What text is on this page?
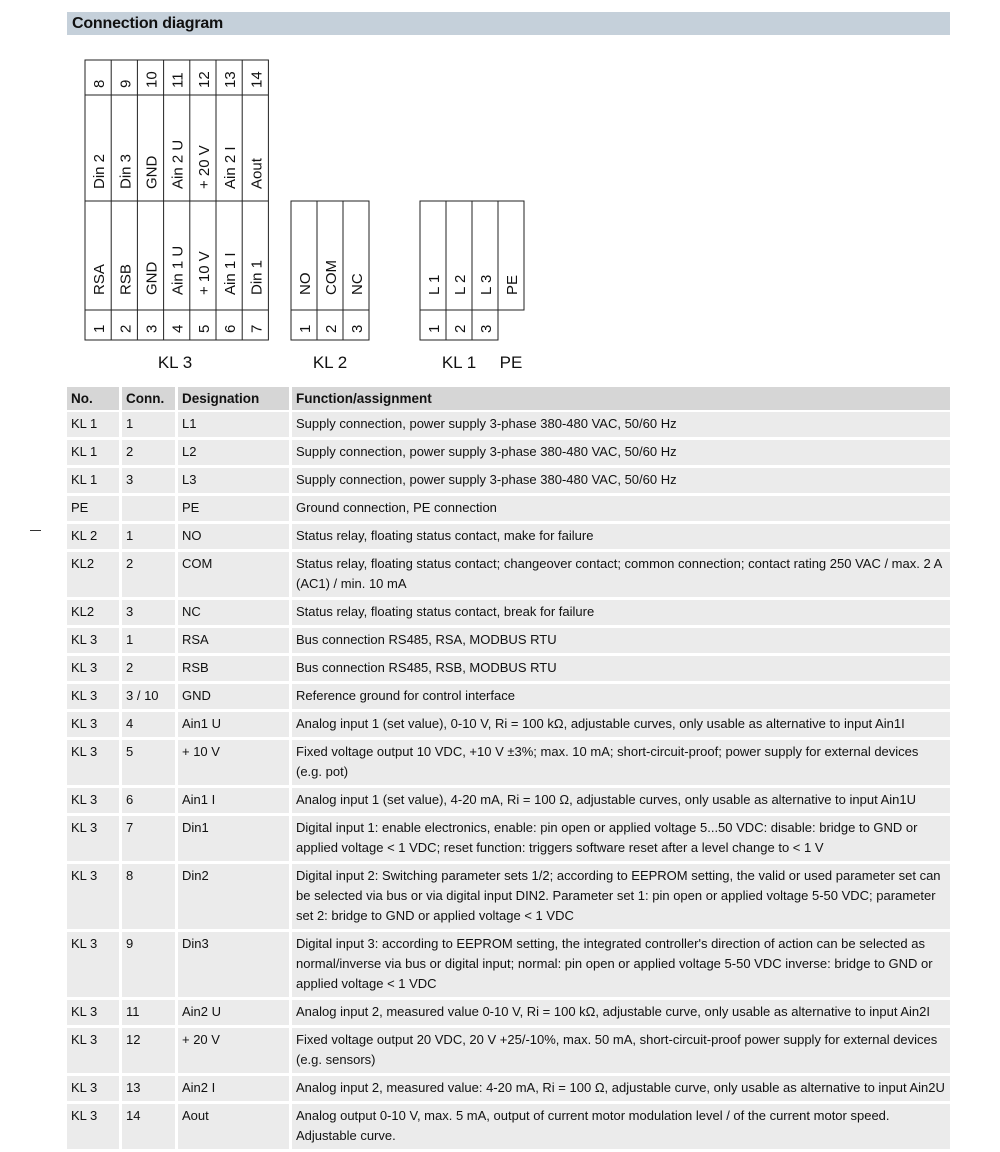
Connection diagram
8
Din 2
RSA
1
9
Din 3
RSB
2
10
GND
GND
3
11
Ain 2 U
Ain 1 U
4
12
+ 20 V
+ 10 V
5
13
Ain 2 I
Ain 1 I
6
14
Aout
Din 1
7
NO
1
COM
2
NC
3
L 1
1
L 2
2
L 3
3
PE
KL 3	KL 2	KL 1 PE
No.	Conn.	Designation	Function/assignment
KL 1	1	L1	Supply connection, power supply 3-phase 380-480 VAC, 50/60 Hz
KL 1	2	L2	Supply connection, power supply 3-phase 380-480 VAC, 50/60 Hz
KL 1	3	L3	Supply connection, power supply 3-phase 380-480 VAC, 50/60 Hz
PE		PE	Ground connection, PE connection
KL 2	1	NO	Status relay, floating status contact, make for failure
KL2	2	COM	Status relay, floating status contact; changeover contact; common connection; contact rating 250 VAC / max. 2 A (AC1) / min. 10 mA
KL2	3	NC	Status relay, floating status contact, break for failure
KL 3	1	RSA	Bus connection RS485, RSA, MODBUS RTU
KL 3	2	RSB	Bus connection RS485, RSB, MODBUS RTU
KL 3	3 / 10	GND	Reference ground for control interface
KL 3	4	Ain1 U	Analog input 1 (set value), 0-10 V, Ri = 100 kΩ, adjustable curves, only usable as alternative to input Ain1I
KL 3	5	+ 10 V	Fixed voltage output 10 VDC, +10 V ±3%; max. 10 mA; short-circuit-proof; power supply for external devices (e.g. pot)
KL 3	6	Ain1 I	Analog input 1 (set value), 4-20 mA, Ri = 100 Ω, adjustable curves, only usable as alternative to input Ain1U
KL 3	7	Din1	Digital input 1: enable electronics, enable: pin open or applied voltage 5...50 VDC: disable: bridge to GND or applied voltage < 1 VDC; reset function: triggers software reset after a level change to < 1 V
KL 3	8	Din2	Digital input 2: Switching parameter sets 1/2; according to EEPROM setting, the valid or used parameter set can be selected via bus or via digital input DIN2. Parameter set 1: pin open or applied voltage 5-50 VDC; parameter set 2: bridge to GND or applied voltage < 1 VDC
KL 3	9	Din3	Digital input 3: according to EEPROM setting, the integrated controller's direction of action can be selected as normal/inverse via bus or digital input; normal: pin open or applied voltage 5-50 VDC inverse: bridge to GND or applied voltage < 1 VDC
KL 3	11	Ain2 U	Analog input 2, measured value 0-10 V, Ri = 100 kΩ, adjustable curve, only usable as alternative to input Ain2I
KL 3	12	+ 20 V	Fixed voltage output 20 VDC, 20 V +25/-10%, max. 50 mA, short-circuit-proof power supply for external devices (e.g. sensors)
KL 3	13	Ain2 I	Analog input 2, measured value: 4-20 mA, Ri = 100 Ω, adjustable curve, only usable as alternative to input Ain2U
KL 3	14	Aout	Analog output 0-10 V, max. 5 mA, output of current motor modulation level / of the current motor speed. Adjustable curve.
